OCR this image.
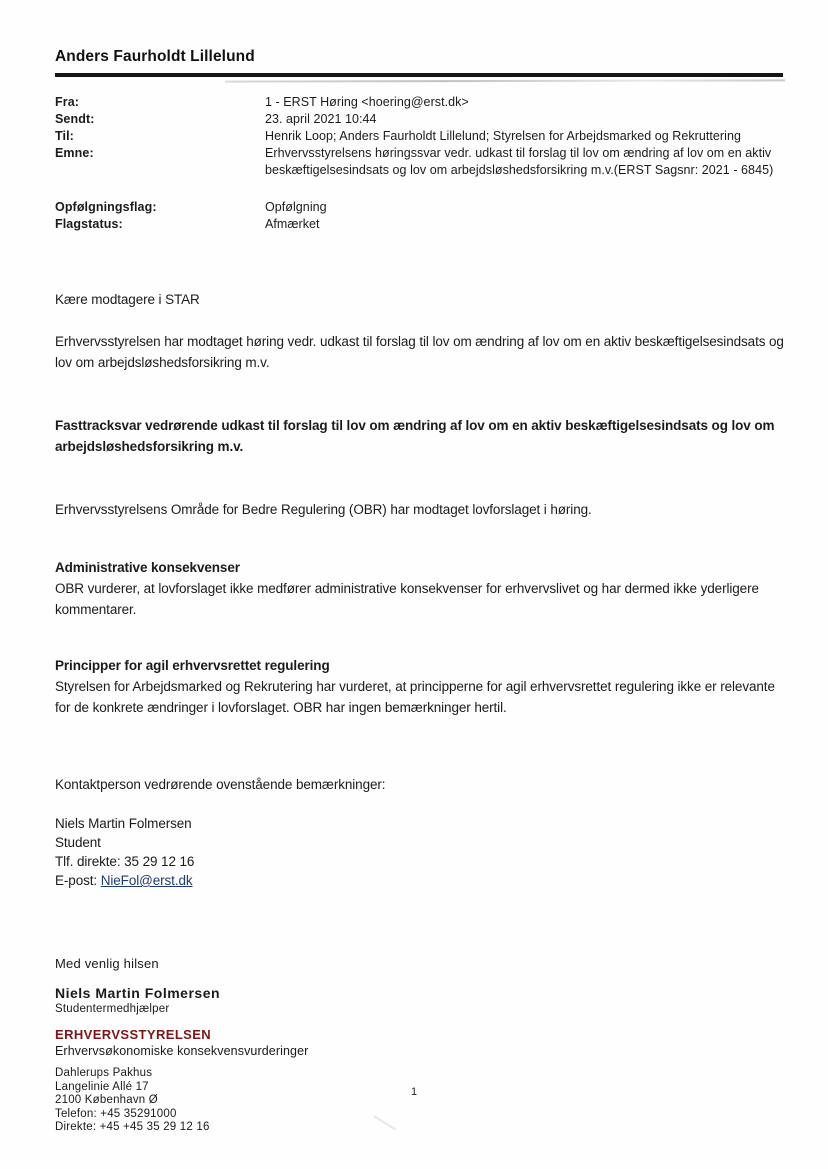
Anders Faurholdt Lillelund
Fra:	1 - ERST Høring <hoering@erst.dk>
Sendt:	23. april 2021 10:44
Til:	Henrik Loop; Anders Faurholdt Lillelund; Styrelsen for Arbejdsmarked og Rekruttering
Emne:	Erhvervsstyrelsens høringssvar vedr. udkast til forslag til lov om ændring af lov om en aktiv beskæftigelsesindsats og lov om arbejdsløshedsforsikring m.v.(ERST Sagsnr: 2021 - 6845)
Opfølgningsflag:	Opfølgning
Flagstatus:	Afmærket
Kære modtagere i STAR
Erhvervsstyrelsen har modtaget høring vedr. udkast til forslag til lov om ændring af lov om en aktiv beskæftigelsesindsats og lov om arbejdsløshedsforsikring m.v.
Fasttracksvar vedrørende udkast til forslag til lov om ændring af lov om en aktiv beskæftigelsesindsats og lov om arbejdsløshedsforsikring m.v.
Erhvervsstyrelsens Område for Bedre Regulering (OBR) har modtaget lovforslaget i høring.
Administrative konsekvenser
OBR vurderer, at lovforslaget ikke medfører administrative konsekvenser for erhvervslivet og har dermed ikke yderligere kommentarer.
Principper for agil erhvervsrettet regulering
Styrelsen for Arbejdsmarked og Rekrutering har vurderet, at principperne for agil erhvervsrettet regulering ikke er relevante for de konkrete ændringer i lovforslaget. OBR har ingen bemærkninger hertil.
Kontaktperson vedrørende ovenstående bemærkninger:
Niels Martin Folmersen
Student
Tlf. direkte: 35 29 12 16
E-post: NieFol@erst.dk
Med venlig hilsen
Niels Martin Folmersen
Studentermedhjælper
ERHVERVSSTYRELSEN
Erhvervsøkonomiske konsekvensvurderinger
Dahlerups Pakhus
Langelinie Allé 17
2100 København Ø
Telefon: +45 35291000
Direkte: +45 +45 35 29 12 16
1
